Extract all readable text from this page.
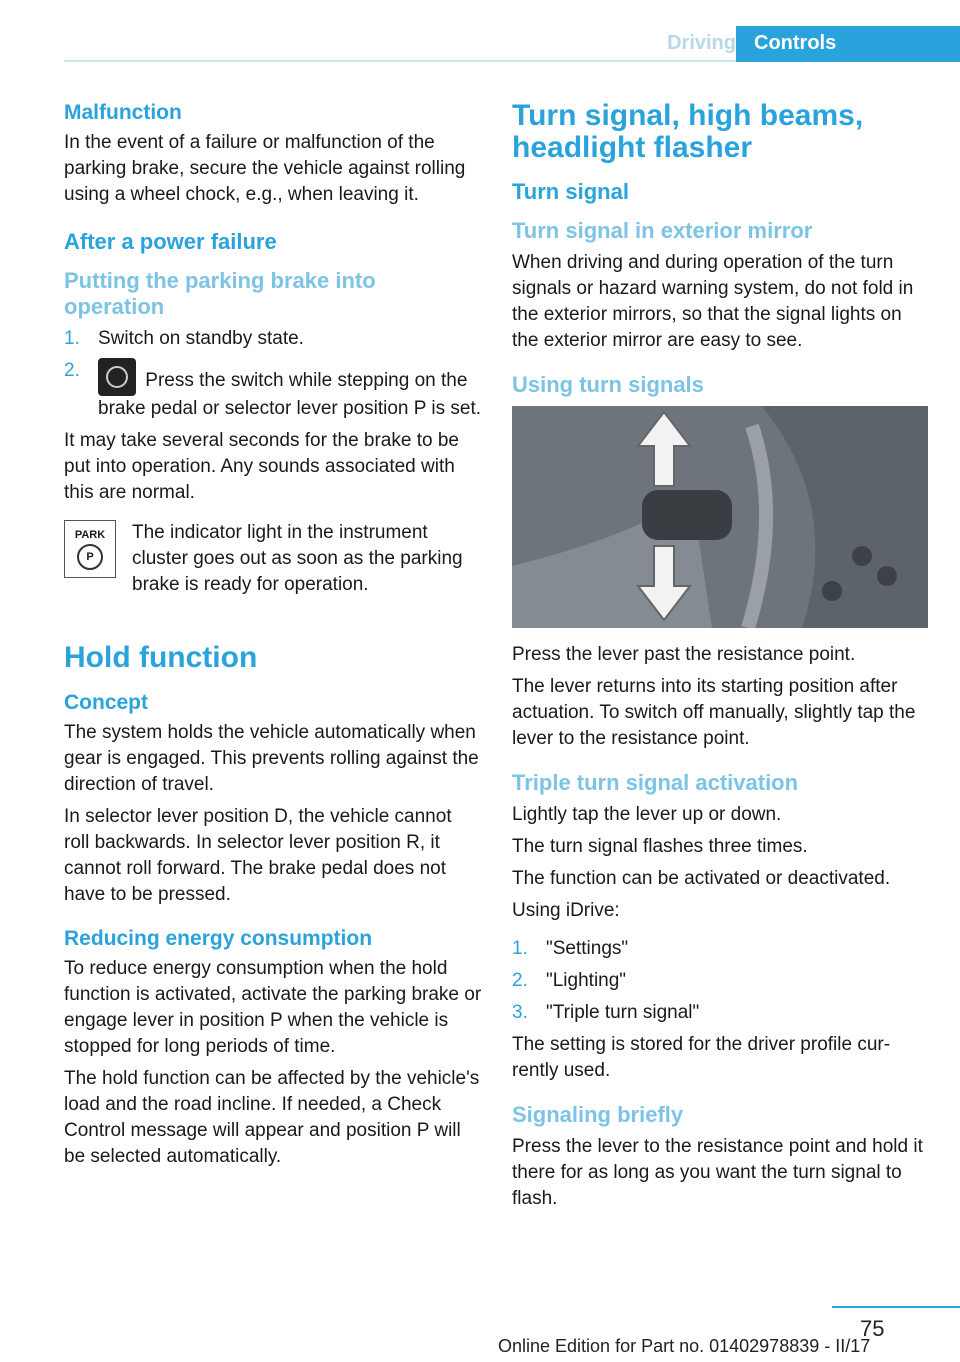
Driving Controls
Malfunction

In the event of a failure or malfunction of the parking brake, secure the vehicle against rolling using a wheel chock, e.g., when leaving it.

After a power failure
Putting the parking brake into operation
1. Switch on standby state.
2.	Press the switch while stepping on the brake pedal or selector lever position P is set.

It may take several seconds for the brake to be put into operation. Any sounds associated with this are normal.

PARK
P
The indicator light in the instrument cluster goes out as soon as the parking brake is ready for operation.
Hold function
Concept

The system holds the vehicle automatically when gear is engaged. This prevents rolling against the direction of travel.

In selector lever position D, the vehicle cannot roll backwards. In selector lever position R, it cannot roll forward. The brake pedal does not have to be pressed.

Reducing energy consumption

To reduce energy consumption when the hold function is activated, activate the parking brake or engage lever in position P when the vehicle is stopped for long periods of time.

The hold function can be affected by the vehicle's load and the road incline. If needed, a Check Control message will appear and position P will be selected automatically.

Turn signal, high beams, headlight flasher
Turn signal
Turn signal in exterior mirror

When driving and during operation of the turn signals or hazard warning system, do not fold in the exterior mirrors, so that the signal lights on the exterior mirror are easy to see.

Using turn signals

Press the lever past the resistance point.

The lever returns into its starting position after actuation. To switch off manually, slightly tap the lever to the resistance point.

Triple turn signal activation

Lightly tap the lever up or down.

The turn signal flashes three times.

The function can be activated or deactivated.

Using iDrive:

1. "Settings"
2. "Lighting"
3. "Triple turn signal"

The setting is stored for the driver profile currently used.

Signaling briefly

Press the lever to the resistance point and hold it there for as long as you want the turn signal to flash.

75
Online Edition for Part no. 01402978839 - II/17
